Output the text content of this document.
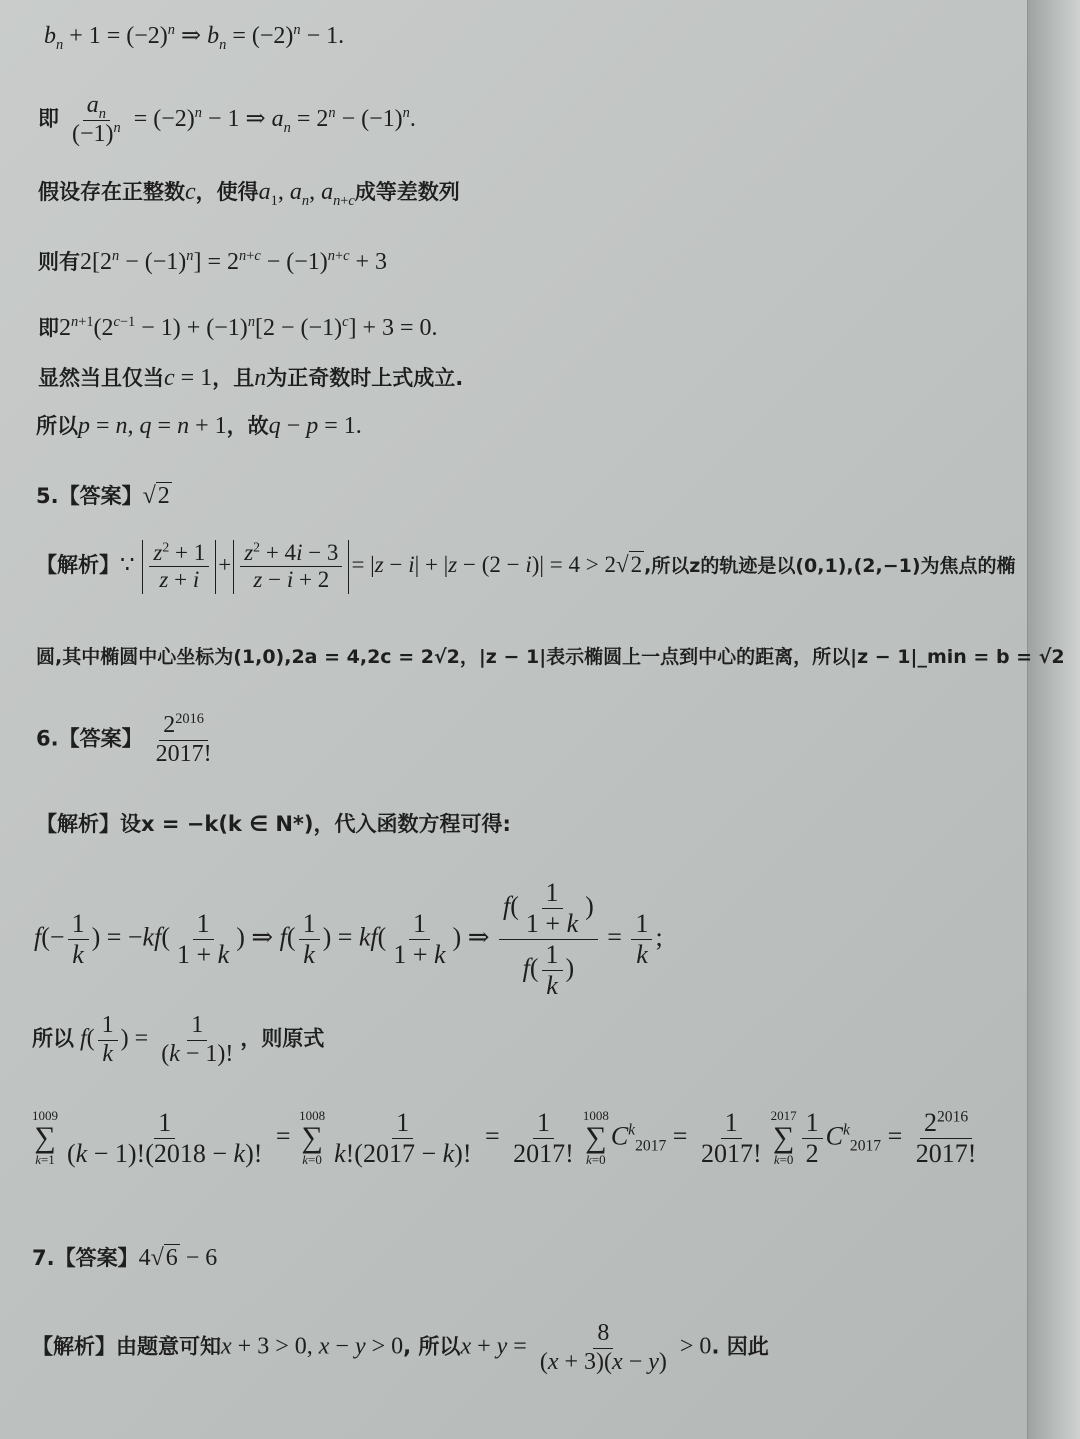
$b_n + 1 = (-2)^n$ ⇒ $b_n = (-2)^n - 1$.
即 $\frac{a_n}{(-1)^n} = (-2)^n - 1$ ⇒ $a_n = 2^n - (-1)^n$.
假设存在正整数c，使得$a_1$, $a_n$, $a_{n+c}$成等差数列
则有$2[2^n - (-1)^n] = 2^{n+c} - (-1)^{n+c} + 3$
即$2^{n+1}(2^{c-1} - 1) + (-1)^n[2 - (-1)^c] + 3 = 0$.
显然当且仅当c = 1，且n为正奇数时上式成立.
所以p = n, q = n + 1，故q − p = 1.
5.【答案】√2
【解析】∵ $\frac{z^2 + 1}{z + i} + \frac{z^2 + 4i - 3}{z - i + 2} = |z - i| + |z - (2 - i)| = 4 > 2√2$ ,所以z的轨迹是以(0,1),(2,−1)为焦点的椭
圆,其中椭圆中心坐标为(1,0),2a = 4,2c = 2√2，|z − 1|表示椭圆上一点到中心的距离，所以|z − 1|_min = b = √2
6.【答案】 $\frac{2^{2016}}{2017!}$
【解析】设x = −k(k ∈ N*)，代入函数方程可得:
$f(- \frac{1}{k}$ ) = $-kf( \frac{1}{1 + k}$ ) ⇒ $f( \frac{1}{k}$ ) = $kf( \frac{1}{1 + k}$ ) ⇒ $\frac{f( \frac{1}{1 + k} )}{f( \frac{1}{k} )} = \frac{1}{k}$ ;
所以 $f( \frac{1}{k}$ ) = $\frac{1}{(k - 1)!}$ ，则原式
1009
∑
$k=1 \frac{1}{(k - 1)!(2018 - k)!}$ =
1008
∑
$k=0 \frac{1}{k!(2017 - k)!} = \frac{1}{2017!} 1008$
∑
k=0
$C^k_{2017} = \frac{1}{2017!} 2017$
∑
$k=0 \frac{1}{2} C^k_{2017} = \frac{2^{2016}}{2017!}$
7.【答案】4√6 − 6
【解析】由题意可知x + 3 > 0, x − y > 0, 所以$x + y = \frac{8}{(x + 3)(x - y)} > 0$. 因此
